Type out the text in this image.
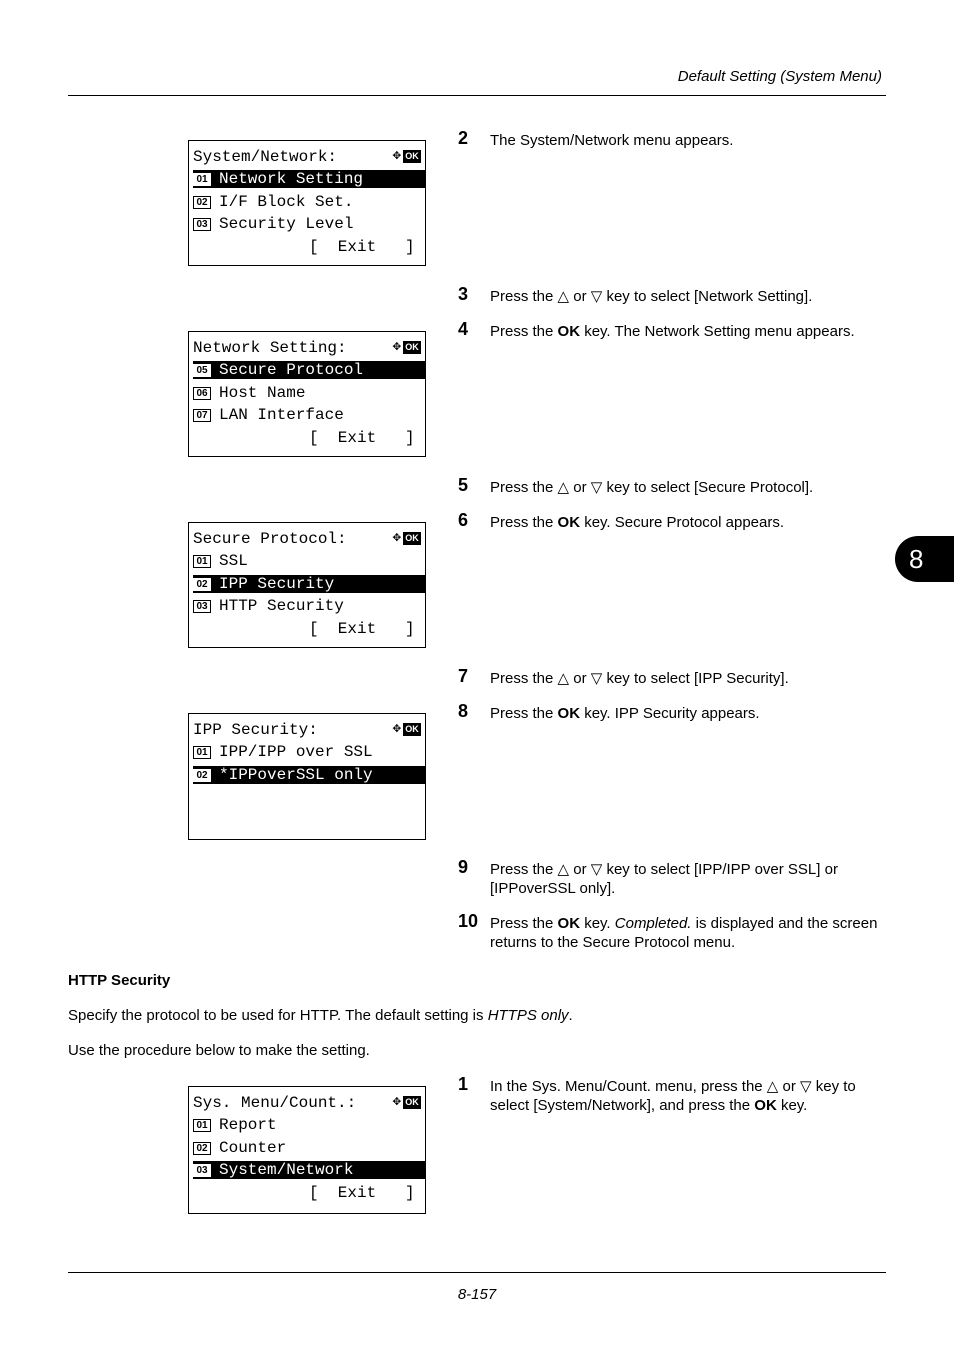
Default Setting (System Menu)
8
System/Network:	✥ OK
01 Network Setting
02 I/F Block Set.
03 Security Level
[  Exit   ]
Network Setting:	✥ OK
05 Secure Protocol
06 Host Name
07 LAN Interface
[  Exit   ]
Secure Protocol:	✥ OK
01 SSL
02 IPP Security
03 HTTP Security
[  Exit   ]
IPP Security:	✥ OK
01 IPP/IPP over SSL
02 *IPPoverSSL only
Sys. Menu/Count.:	✥ OK
01 Report
02 Counter
03 System/Network
[  Exit   ]
2 The System/Network menu appears.
3 Press the △ or ▽ key to select [Network Setting].
4 Press the OK key. The Network Setting menu appears.
5 Press the △ or ▽ key to select [Secure Protocol].
6 Press the OK key. Secure Protocol appears.
7 Press the △ or ▽ key to select [IPP Security].
8 Press the OK key. IPP Security appears.
9 Press the △ or ▽ key to select [IPP/IPP over SSL] or [IPPoverSSL only].
10 Press the OK key. Completed. is displayed and the screen returns to the Secure Protocol menu.
HTTP Security
Specify the protocol to be used for HTTP. The default setting is HTTPS only.
Use the procedure below to make the setting.
1 In the Sys. Menu/Count. menu, press the △ or ▽ key to select [System/Network], and press the OK key.
8-157
